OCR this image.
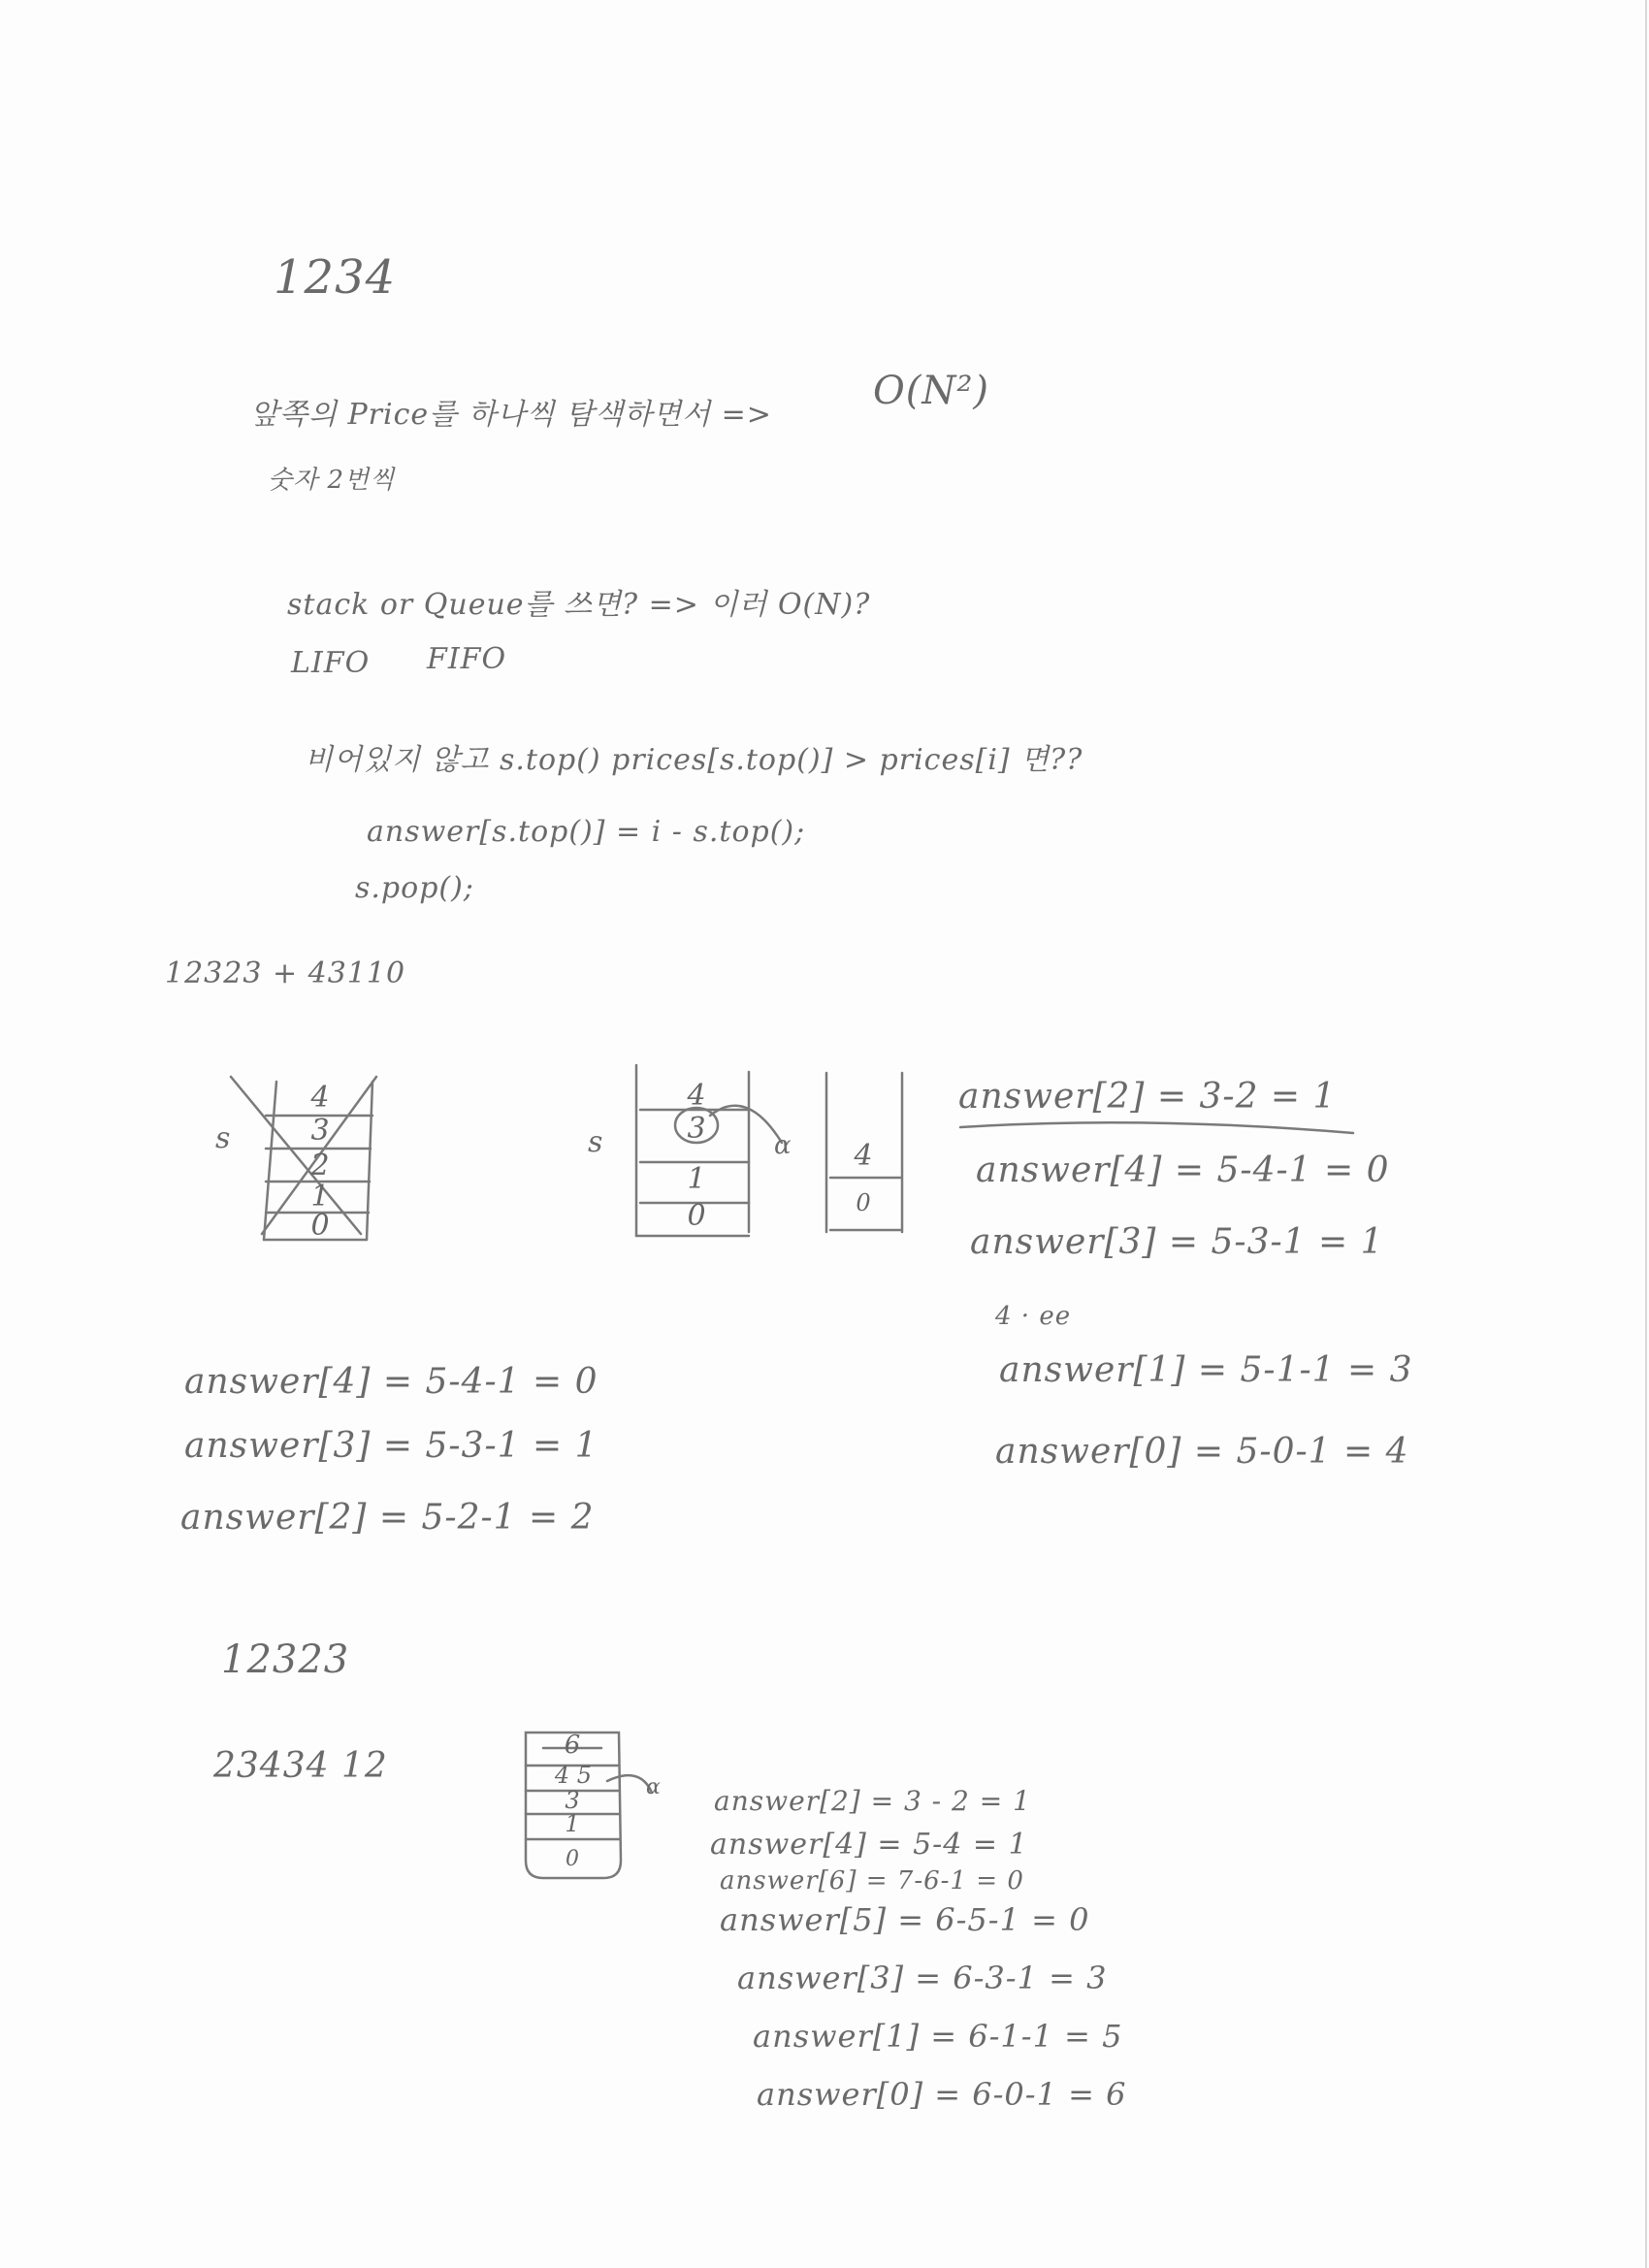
1234
앞쪽의 Price를 하나씩 탐색하면서 =>
O(N²)
숫자 2번씩
stack or Queue를 쓰면? => 이러 O(N)?
LIFO FIFO
비어있지 않고 s.top() prices[s.top()] > prices[i] 면??
answer[s.top()] = i - s.top();
s.pop();
12323 + 43110
s
4
3
2
1
0
s
4
3
1
0
α	4
0
answer[2] = 3-2 = 1
answer[4] = 5-4-1 = 0
answer[3] = 5-3-1 = 1
4 · ee
answer[1] = 5-1-1 = 3
answer[0] = 5-0-1 = 4
answer[4] = 5-4-1 = 0
answer[3] = 5-3-1 = 1
answer[2] = 5-2-1 = 2
12323
23434 12
6
4 5
3
1
0
α answer[2] = 3 - 2 = 1
answer[4] = 5-4 = 1
answer[6] = 7-6-1 = 0
answer[5] = 6-5-1 = 0
answer[3] = 6-3-1 = 3
answer[1] = 6-1-1 = 5
answer[0] = 6-0-1 = 6
